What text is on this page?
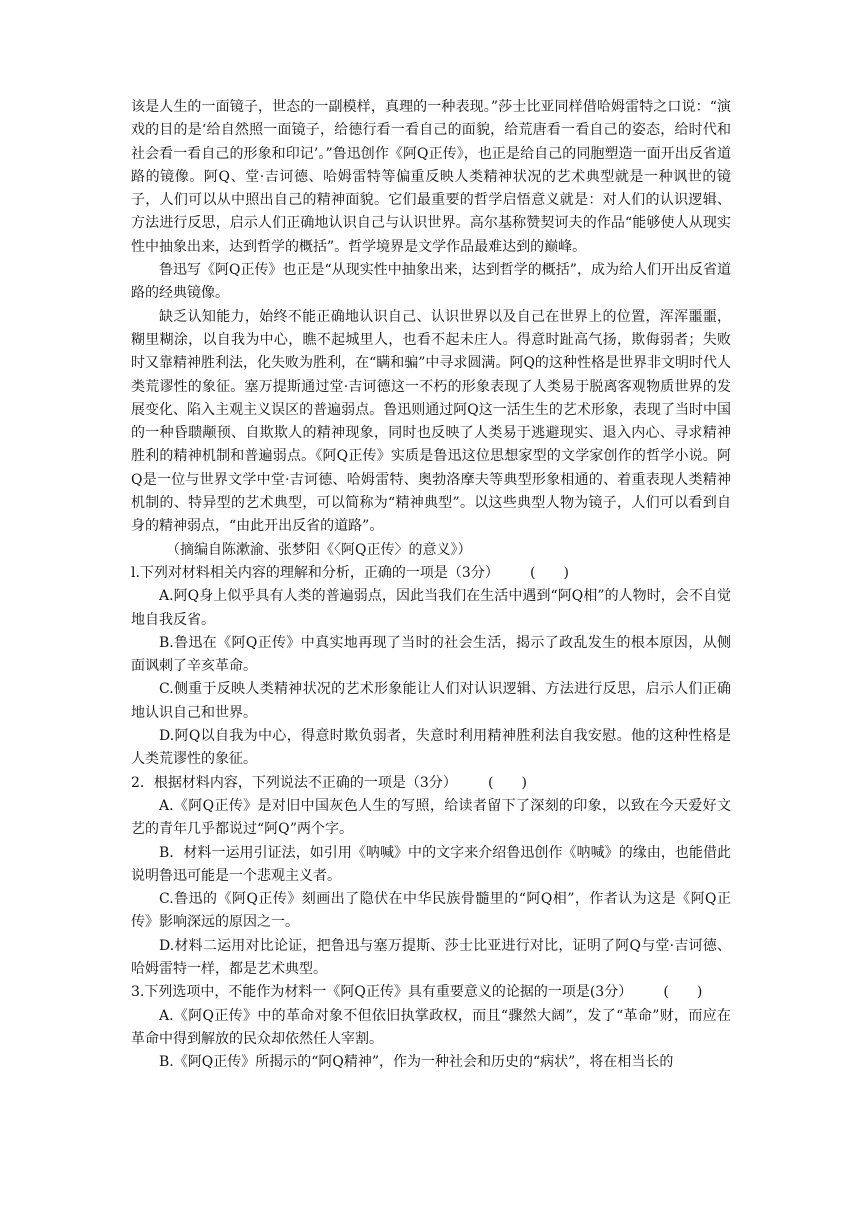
该是人生的一面镜子，世态的一副模样，真理的一种表现。”莎士比亚同样借哈姆雷特之口说：“演戏的目的是‘给自然照一面镜子，给德行看一看自己的面貌，给荒唐看一看自己的姿态，给时代和社会看一看自己的形象和印记’。”鲁迅创作《阿Q正传》，也正是给自己的同胞塑造一面开出反省道路的镜像。阿Q、堂·吉诃德、哈姆雷特等偏重反映人类精神状况的艺术典型就是一种讽世的镜子，人们可以从中照出自己的精神面貌。它们最重要的哲学启悟意义就是：对人们的认识逻辑、方法进行反思，启示人们正确地认识自己与认识世界。高尔基称赞契诃夫的作品“能够使人从现实性中抽象出来，达到哲学的概括”。哲学境界是文学作品最难达到的巅峰。

鲁迅写《阿Q正传》也正是“从现实性中抽象出来，达到哲学的概括”，成为给人们开出反省道路的经典镜像。

缺乏认知能力，始终不能正确地认识自己、认识世界以及自己在世界上的位置，浑浑噩噩，糊里糊涂，以自我为中心，瞧不起城里人，也看不起未庄人。得意时趾高气扬，欺侮弱者；失败时又靠精神胜利法，化失败为胜利，在“瞒和骗”中寻求圆满。阿Q的这种性格是世界非文明时代人类荒谬性的象征。塞万提斯通过堂·吉诃德这一不朽的形象表现了人类易于脱离客观物质世界的发展变化、陷入主观主义误区的普遍弱点。鲁迅则通过阿Q这一活生生的艺术形象，表现了当时中国的一种昏聩颟顸、自欺欺人的精神现象，同时也反映了人类易于逃避现实、退入内心、寻求精神胜利的精神机制和普遍弱点。《阿Q正传》实质是鲁迅这位思想家型的文学家创作的哲学小说。阿Q是一位与世界文学中堂·吉诃德、哈姆雷特、奥勃洛摩夫等典型形象相通的、着重表现人类精神机制的、特异型的艺术典型，可以简称为“精神典型”。以这些典型人物为镜子，人们可以看到自身的精神弱点，“由此开出反省的道路”。

（摘编自陈漱渝、张梦阳《〈阿Q正传〉的意义》）

l.下列对材料相关内容的理解和分析，正确的一项是（3分） (　　)

A.阿Q身上似乎具有人类的普遍弱点，因此当我们在生活中遇到“阿Q相”的人物时，会不自觉地自我反省。

B.鲁迅在《阿Q正传》中真实地再现了当时的社会生活，揭示了政乱发生的根本原因，从侧面讽刺了辛亥革命。

C.侧重于反映人类精神状况的艺术形象能让人们对认识逻辑、方法进行反思，启示人们正确地认识自己和世界。

D.阿Q以自我为中心，得意时欺负弱者，失意时利用精神胜利法自我安慰。他的这种性格是人类荒谬性的象征。

2．根据材料内容，下列说法不正确的一项是（3分） (　　)

A.《阿Q正传》是对旧中国灰色人生的写照，给读者留下了深刻的印象，以致在今天爱好文艺的青年几乎都说过“阿Q”两个字。

B．材料一运用引证法，如引用《呐喊》中的文字来介绍鲁迅创作《呐喊》的缘由，也能借此说明鲁迅可能是一个悲观主义者。

C.鲁迅的《阿Q正传》刻画出了隐伏在中华民族骨髓里的“阿Q相”，作者认为这是《阿Q正传》影响深远的原因之一。

D.材料二运用对比论证，把鲁迅与塞万提斯、莎士比亚进行对比，证明了阿Q与堂·吉诃德、哈姆雷特一样，都是艺术典型。

3.下列选项中，不能作为材料一《阿Q正传》具有重要意义的论据的一项是(3分） (　　)

A.《阿Q正传》中的革命对象不但依旧执掌政权，而且“骤然大阔”，发了“革命”财，而应在革命中得到解放的民众却依然任人宰割。

B.《阿Q正传》所揭示的“阿Q精神”，作为一种社会和历史的“病状”，将在相当长的
